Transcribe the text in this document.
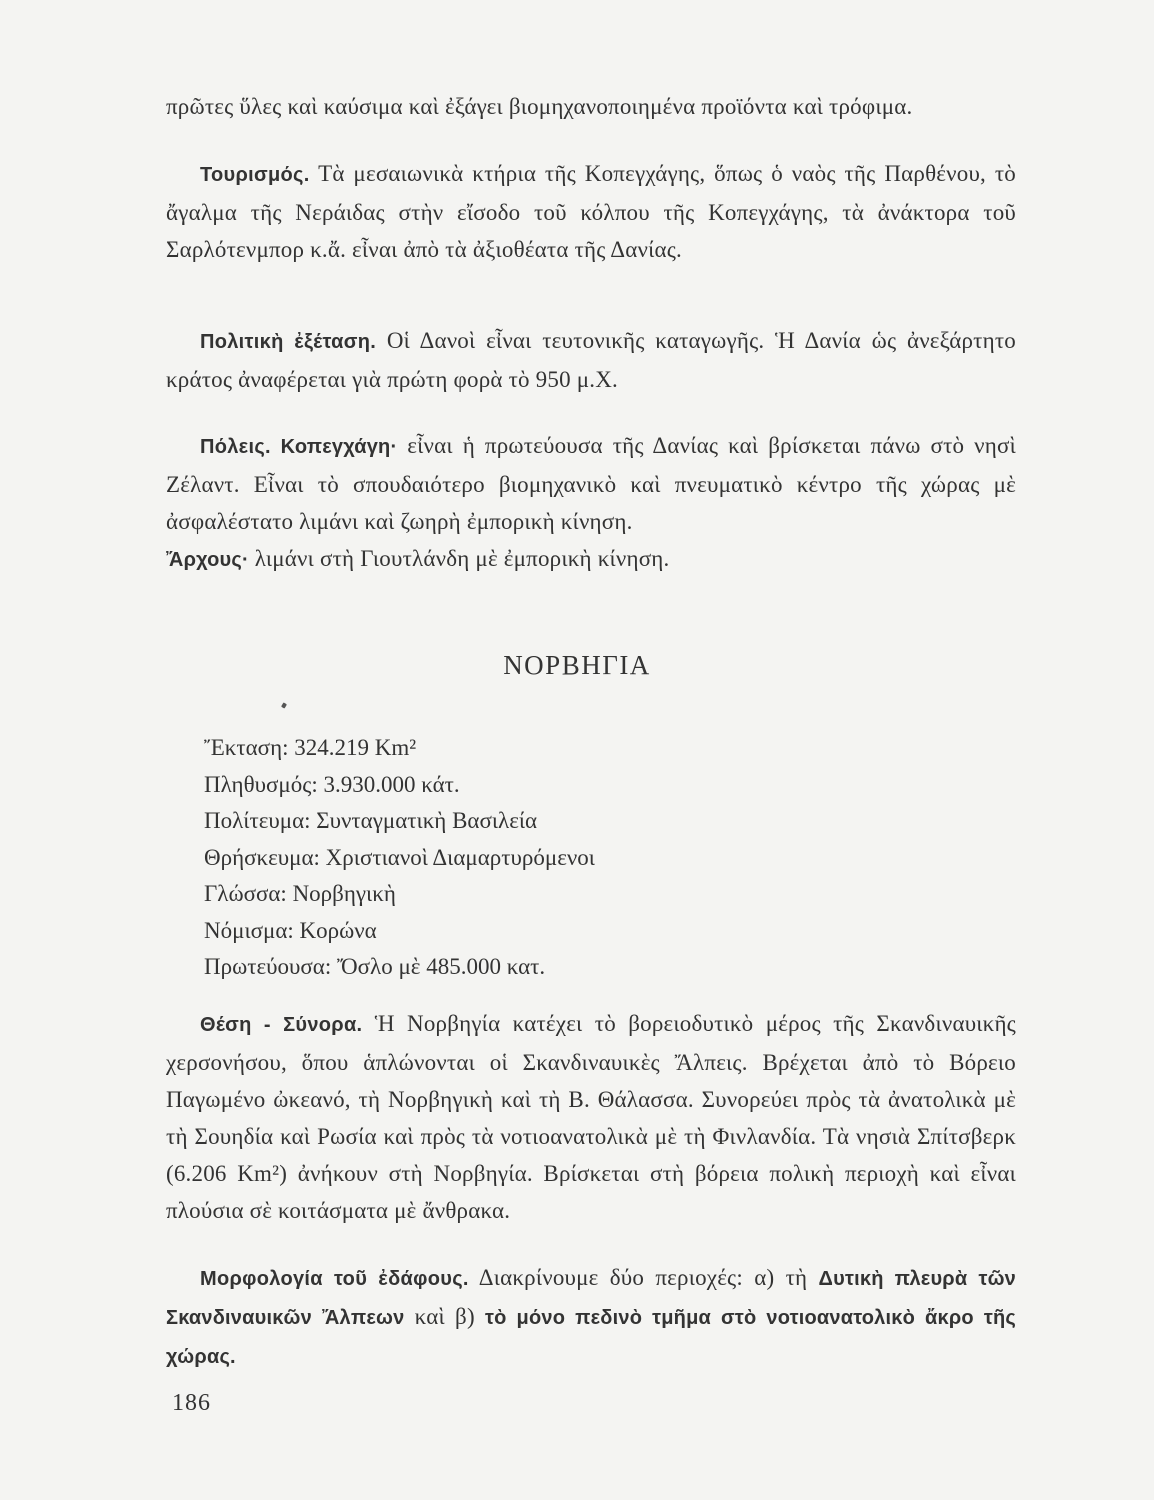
πρῶτες ὕλες καὶ καύσιμα καὶ ἐξάγει βιομηχανοποιημένα προϊόντα καὶ τρόφιμα.

Τουρισμός. Τὰ μεσαιωνικὰ κτήρια τῆς Κοπεγχάγης, ὅπως ὁ ναὸς τῆς Παρθένου, τὸ ἄγαλμα τῆς Νεράιδας στὴν εἴσοδο τοῦ κόλπου τῆς Κοπεγχάγης, τὰ ἀνάκτορα τοῦ Σαρλότενμπορ κ.ἄ. εἶναι ἀπὸ τὰ ἀξιοθέατα τῆς Δανίας.

Πολιτικὴ ἐξέταση. Οἱ Δανοὶ εἶναι τευτονικῆς καταγωγῆς. Ἡ Δανία ὡς ἀνεξάρτητο κράτος ἀναφέρεται γιὰ πρώτη φορὰ τὸ 950 μ.Χ.

Πόλεις. Κοπεγχάγη· εἶναι ἡ πρωτεύουσα τῆς Δανίας καὶ βρίσκεται πάνω στὸ νησὶ Ζέλαντ. Εἶναι τὸ σπουδαιότερο βιομηχανικὸ καὶ πνευματικὸ κέντρο τῆς χώρας μὲ ἀσφαλέστατο λιμάνι καὶ ζωηρὴ ἐμπορικὴ κίνηση.
Ἄρχους· λιμάνι στὴ Γιουτλάνδη μὲ ἐμπορικὴ κίνηση.

ΝΟΡΒΗΓΙΑ
Ἔκταση: 324.219 Km²
Πληθυσμός: 3.930.000 κάτ.
Πολίτευμα: Συνταγματικὴ Βασιλεία
Θρήσκευμα: Χριστιανοὶ Διαμαρτυρόμενοι
Γλώσσα: Νορβηγικὴ
Νόμισμα: Κορώνα
Πρωτεύουσα: Ὄσλο μὲ 485.000 κατ.

Θέση - Σύνορα. Ἡ Νορβηγία κατέχει τὸ βορειοδυτικὸ μέρος τῆς Σκανδιναυικῆς χερσονήσου, ὅπου ἁπλώνονται οἱ Σκανδιναυικὲς Ἄλπεις. Βρέχεται ἀπὸ τὸ Βόρειο Παγωμένο ὠκεανό, τὴ Νορβηγικὴ καὶ τὴ Β. Θάλασσα. Συνορεύει πρὸς τὰ ἀνατολικὰ μὲ τὴ Σουηδία καὶ Ρωσία καὶ πρὸς τὰ νοτιοανατολικὰ μὲ τὴ Φινλανδία. Τὰ νησιὰ Σπίτσβερκ (6.206 Km²) ἀνήκουν στὴ Νορβηγία. Βρίσκεται στὴ βόρεια πολικὴ περιοχὴ καὶ εἶναι πλούσια σὲ κοιτάσματα μὲ ἄνθρακα.

Μορφολογία τοῦ ἐδάφους. Διακρίνουμε δύο περιοχές: α) τὴ Δυτικὴ πλευρὰ τῶν Σκανδιναυικῶν Ἄλπεων καὶ β) τὸ μόνο πεδινὸ τμῆμα στὸ νοτιοανατολικὸ ἄκρο τῆς χώρας.

186
